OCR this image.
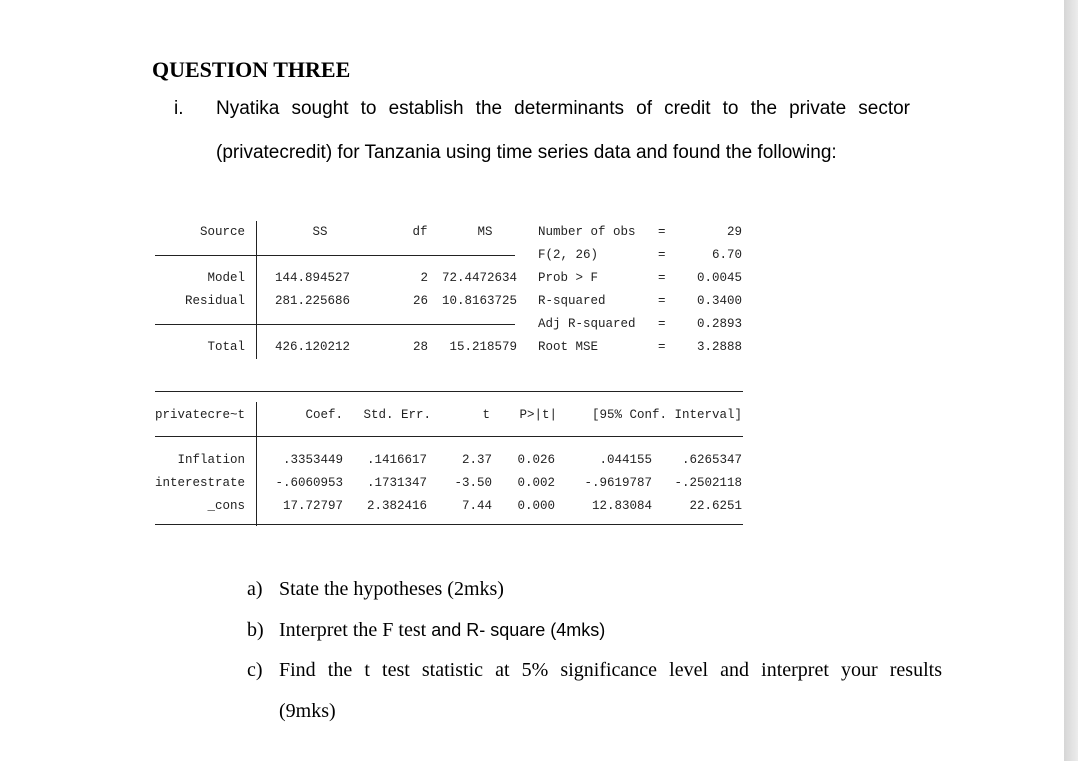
QUESTION THREE
i. Nyatika sought to establish the determinants of credit to the private sector
(privatecredit) for Tanzania using time series data and found the following:
Source	SS	df	MS
Model 144.894527	2	72.4472634
Residual 281.225686	26	10.8163725
Total 426.120212	28	15.218579
Number of obs =	29
F(2, 26)	=	6.70
Prob > F	=	0.0045
R-squared	=	0.3400
Adj R-squared =	0.2893
Root MSE	=	3.2888
privatecre~t	Coef.	Std. Err.	t	P>|t|	[95% Conf. Interval]
Inflation	.3353449	.1416617	2.37	0.026	.044155	.6265347
interestrate	-.6060953	.1731347	-3.50	0.002	-.9619787	-.2502118
_cons	17.72797	2.382416	7.44	0.000	12.83084	22.6251
a) State the hypotheses (2mks)
b) Interpret the F test and R- square (4mks)
c) Find the t test statistic at 5% significance level and interpret your results
(9mks)
